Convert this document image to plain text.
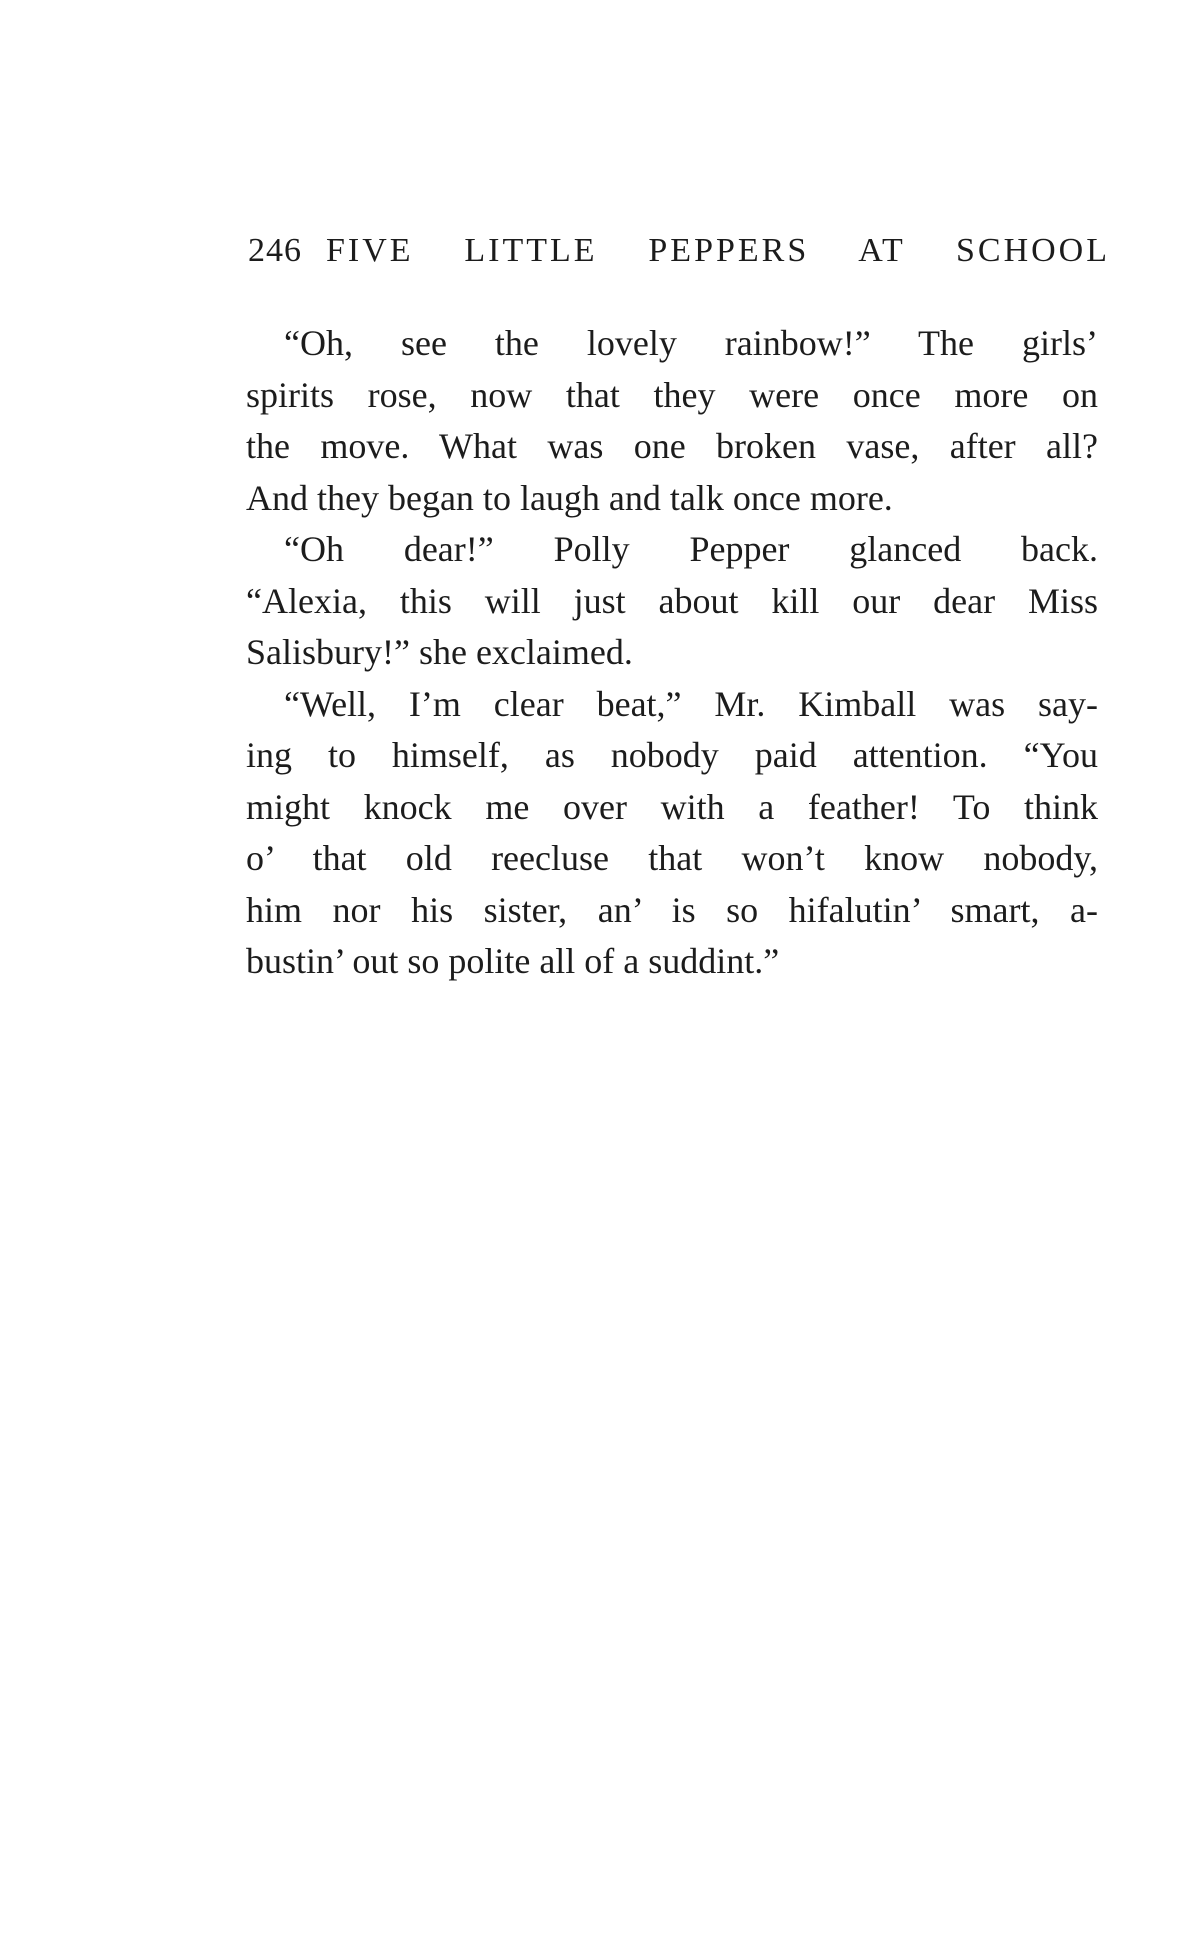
246 FIVE LITTLE PEPPERS AT SCHOOL

“Oh, see the lovely rainbow!” The girls’
spirits rose, now that they were once more on
the move. What was one broken vase, after all?
And they began to laugh and talk once more.

“Oh dear!” Polly Pepper glanced back.
“Alexia, this will just about kill our dear Miss
Salisbury!” she exclaimed.

“Well, I’m clear beat,” Mr. Kimball was say-
ing to himself, as nobody paid attention. “You
might knock me over with a feather! To think
o’ that old reecluse that won’t know nobody,
him nor his sister, an’ is so hifalutin’ smart, a-
bustin’ out so polite all of a suddint.”
